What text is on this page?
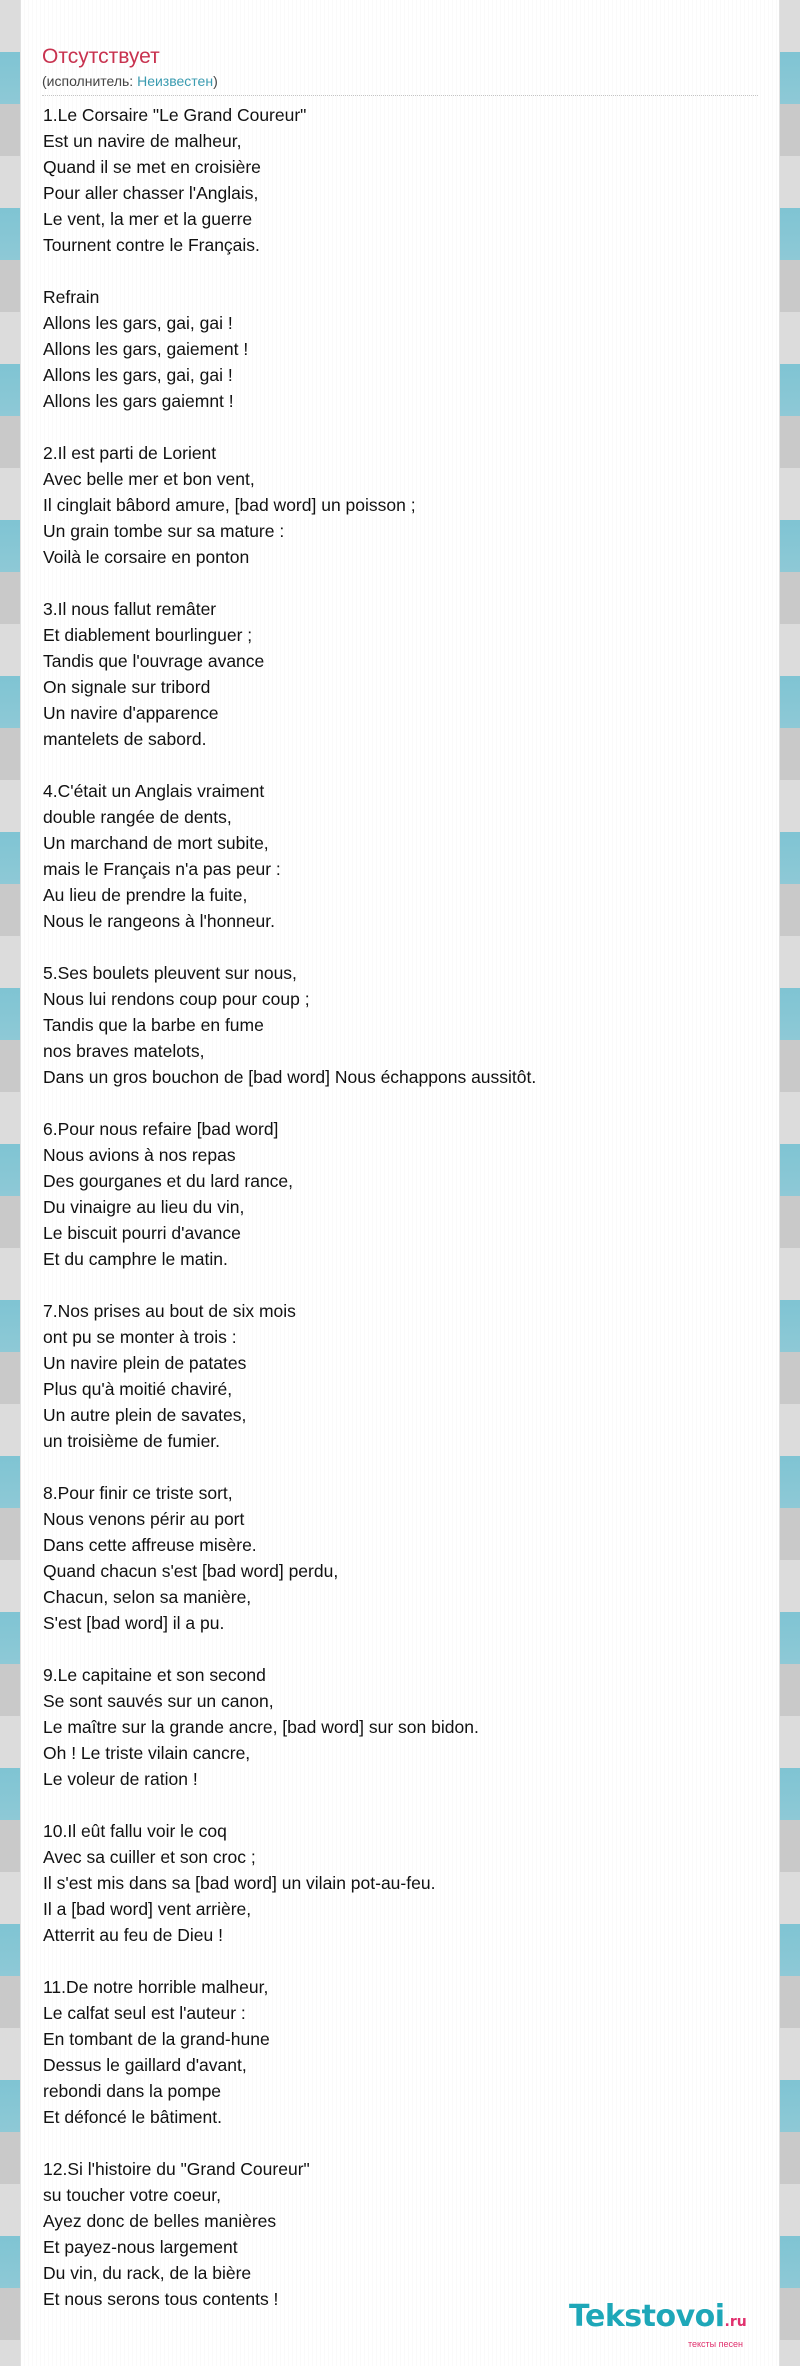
Отсутствует
(исполнитель: Неизвестен)
1.Le Corsaire "Le Grand Coureur"
Est un navire de malheur,
Quand il se met en croisière
Pour aller chasser l'Anglais,
Le vent, la mer et la guerre
Tournent contre le Français.
Refrain
Allons les gars, gai, gai !
Allons les gars, gaiement !
Allons les gars, gai, gai !
Allons les gars gaiemnt !
2.Il est parti de Lorient
Avec belle mer et bon vent,
Il cinglait bâbord amure, [bad word] un poisson ;
Un grain tombe sur sa mature :
Voilà le corsaire en ponton
3.Il nous fallut remâter
Et diablement bourlinguer ;
Tandis que l'ouvrage avance
On signale sur tribord
Un navire d'apparence
mantelets de sabord.
4.C'était un Anglais vraiment
double rangée de dents,
Un marchand de mort subite,
mais le Français n'a pas peur :
Au lieu de prendre la fuite,
Nous le rangeons à l'honneur.
5.Ses boulets pleuvent sur nous,
Nous lui rendons coup pour coup ;
Tandis que la barbe en fume
nos braves matelots,
Dans un gros bouchon de [bad word] Nous échappons aussitôt.
6.Pour nous refaire [bad word]
Nous avions à nos repas
Des gourganes et du lard rance,
Du vinaigre au lieu du vin,
Le biscuit pourri d'avance
Et du camphre le matin.
7.Nos prises au bout de six mois
ont pu se monter à trois :
Un navire plein de patates
Plus qu'à moitié chaviré,
Un autre plein de savates,
un troisième de fumier.
8.Pour finir ce triste sort,
Nous venons périr au port
Dans cette affreuse misère.
Quand chacun s'est [bad word] perdu,
Chacun, selon sa manière,
S'est [bad word] il a pu.
9.Le capitaine et son second
Se sont sauvés sur un canon,
Le maître sur la grande ancre, [bad word] sur son bidon.
Oh ! Le triste vilain cancre,
Le voleur de ration !
10.Il eût fallu voir le coq
Avec sa cuiller et son croc ;
Il s'est mis dans sa [bad word] un vilain pot-au-feu.
Il a [bad word] vent arrière,
Atterrit au feu de Dieu !
11.De notre horrible malheur,
Le calfat seul est l'auteur :
En tombant de la grand-hune
Dessus le gaillard d'avant,
rebondi dans la pompe
Et défoncé le bâtiment.
12.Si l'histoire du "Grand Coureur"
su toucher votre coeur,
Ayez donc de belles manières
Et payez-nous largement
Du vin, du rack, de la bière
Et nous serons tous contents !	Tekstovoi.ru
тексты песен
